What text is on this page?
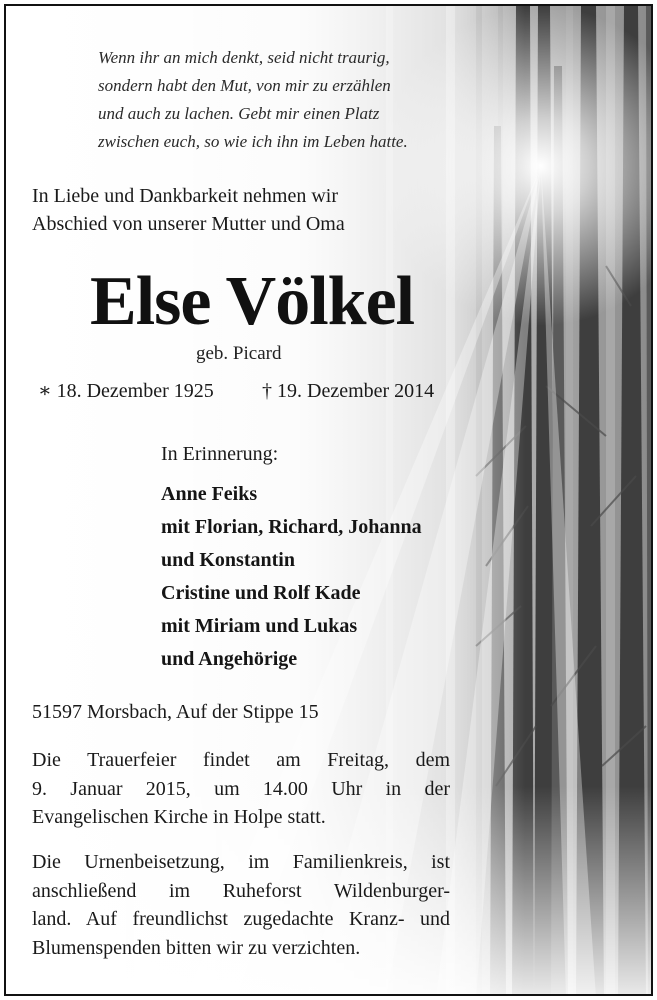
Wenn ihr an mich denkt, seid nicht traurig,
sondern habt den Mut, von mir zu erzählen
und auch zu lachen. Gebt mir einen Platz
zwischen euch, so wie ich ihn im Leben hatte.
In Liebe und Dankbarkeit nehmen wir
Abschied von unserer Mutter und Oma
Else Völkel
geb. Picard
∗ 18. Dezember 1925 † 19. Dezember 2014
In Erinnerung:
Anne Feiks
mit Florian, Richard, Johanna
und Konstantin
Cristine und Rolf Kade
mit Miriam und Lukas
und Angehörige
51597 Morsbach, Auf der Stippe 15
Die Trauerfeier findet am Freitag, dem
9. Januar 2015, um 14.00 Uhr in der
Evangelischen Kirche in Holpe statt.
Die Urnenbeisetzung, im Familienkreis, ist
anschließend im Ruheforst Wildenburger-
land. Auf freundlichst zugedachte Kranz- und
Blumenspenden bitten wir zu verzichten.
